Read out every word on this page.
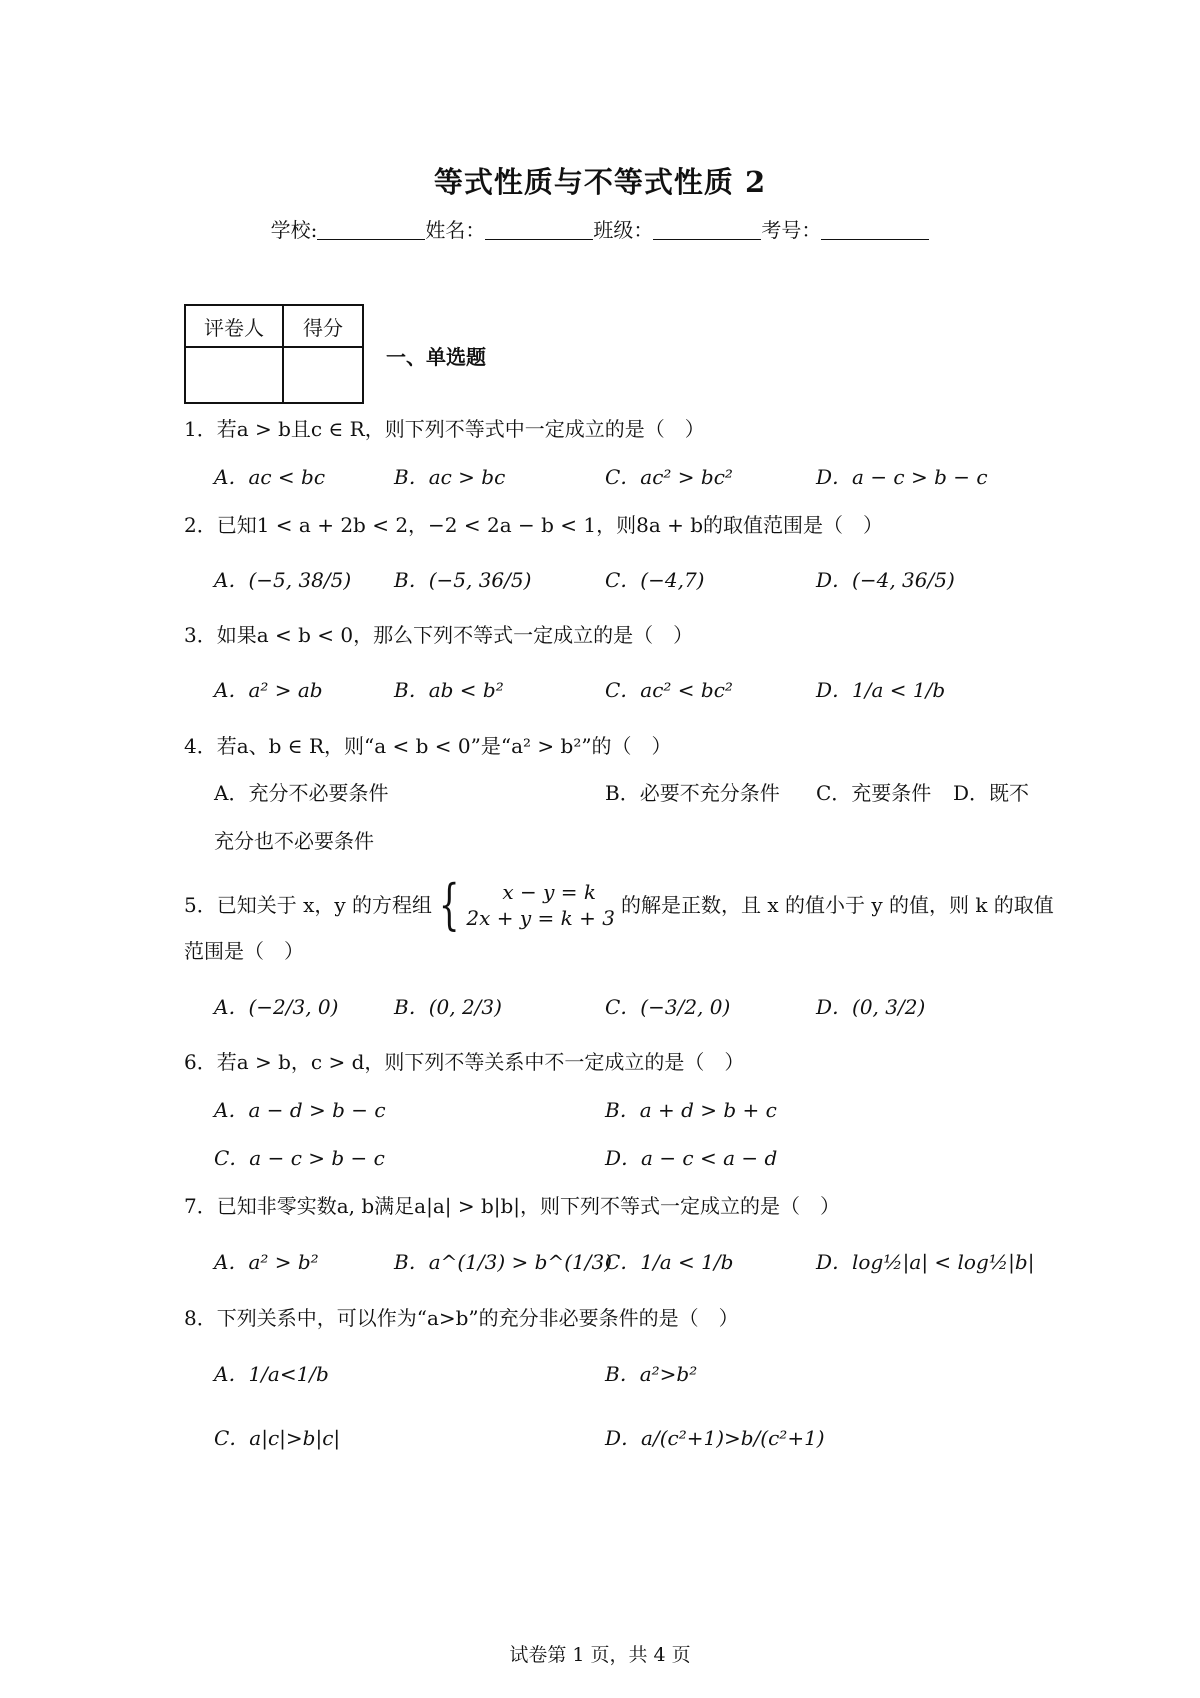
等式性质与不等式性质 2
学校:	姓名：	班级：	考号：
评卷人	得分

一、单选题
1．若a > b且c ∈ R，则下列不等式中一定成立的是（　）
A．ac < bc	B．ac > bc	C．ac² > bc²	D．a − c > b − c
2．已知1 < a + 2b < 2，−2 < 2a − b < 1，则8a + b的取值范围是（　）
A．(−5, 38/5) B．(−5, 36/5)	C．(−4,7)	D．(−4, 36/5)
3．如果a < b < 0，那么下列不等式一定成立的是（　）
A．a² > ab	B．ab < b²	C．ac² < bc²	D．1/a < 1/b
4．若a、b ∈ R，则“a < b < 0”是“a² > b²”的（　）
A．充分不必要条件	B．必要不充分条件 C．充要条件 D．既不
充分也不必要条件
5．已知关于 x，y 的方程组 {	x − y = k
2x + y = k + 3
的解是正数，且 x 的值小于 y 的值，则 k 的取值
范围是（　）
A．(−2/3, 0)	B．(0, 2/3)	C．(−3/2, 0)	D．(0, 3/2)
6．若a > b，c > d，则下列不等关系中不一定成立的是（　）
A．a − d > b − c	B．a + d > b + c
C．a − c > b − c	D．a − c < a − d
7．已知非零实数a, b满足a|a| > b|b|，则下列不等式一定成立的是（　）
A．a² > b²	B．a^(1/3) > b^(1/3)
C．1/a < 1/b	D．log½|a| < log½|b|
8．下列关系中，可以作为“a>b”的充分非必要条件的是（　）
A．1/a<1/b	B．a²>b²
C．a|c|>b|c|	D．a/(c²+1)>b/(c²+1)
试卷第 1 页，共 4 页
